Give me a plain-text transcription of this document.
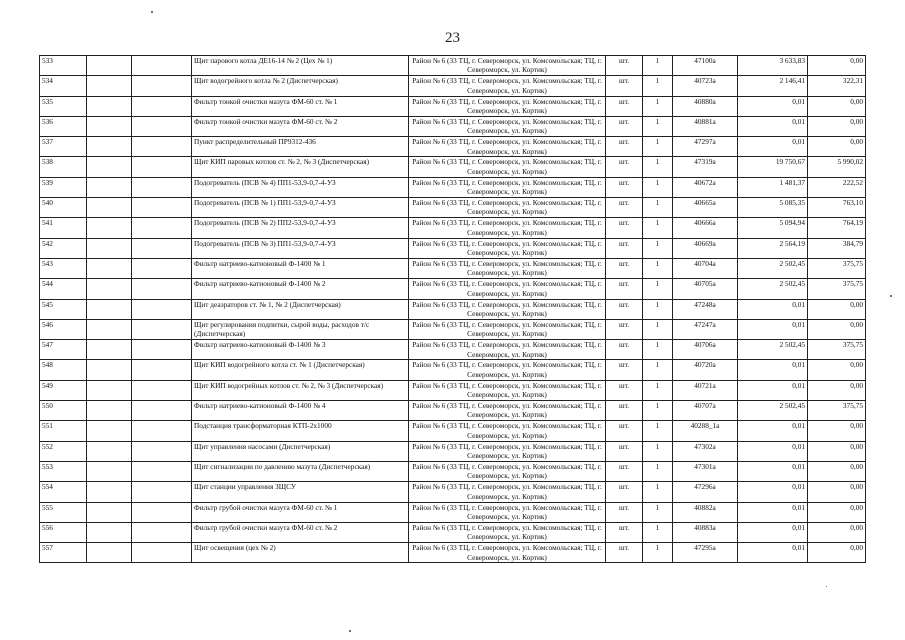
23
533			Щит парового котла ДЕ16-14 № 2 (Цех № 1)	Район № 6 (33 ТЦ, г. Североморск, ул. Комсомольская; ТЦ, г. Североморск, ул. Кортик)	шт.	1	47100а	3 633,83	0,00
534			Щит водогрейного котла № 2 (Диспетчерская)	Район № 6 (33 ТЦ, г. Североморск, ул. Комсомольская; ТЦ, г. Североморск, ул. Кортик)	шт.	1	40723а	2 146,41	322,31
535			Фильтр тонкой очистки мазута ФМ-60 ст. № 1	Район № 6 (33 ТЦ, г. Североморск, ул. Комсомольская; ТЦ, г. Североморск, ул. Кортик)	шт.	1	40880а	0,01	0,00
536			Фильтр тонкой очистки мазута ФМ-60 ст. № 2	Район № 6 (33 ТЦ, г. Североморск, ул. Комсомольская; ТЦ, г. Североморск, ул. Кортик)	шт.	1	40881а	0,01	0,00
537			Пункт распределительный ПР9312-436	Район № 6 (33 ТЦ, г. Североморск, ул. Комсомольская; ТЦ, г. Североморск, ул. Кортик)	шт.	1	47297а	0,01	0,00
538			Щит КИП паровых котлов ст. № 2, № 3 (Диспетчерская)	Район № 6 (33 ТЦ, г. Североморск, ул. Комсомольская; ТЦ, г. Североморск, ул. Кортик)	шт.	1	47319а	19 750,67	5 990,02
539			Подогреватель (ПСВ № 4) ПП1-53,9-0,7-4-УЗ	Район № 6 (33 ТЦ, г. Североморск, ул. Комсомольская; ТЦ, г. Североморск, ул. Кортик)	шт.	1	40672а	1 481,37	222,52
540			Подогреватель (ПСВ № 1) ПП1-53,9-0,7-4-УЗ	Район № 6 (33 ТЦ, г. Североморск, ул. Комсомольская; ТЦ, г. Североморск, ул. Кортик)	шт.	1	40665а	5 085,35	763,10
541			Подогреватель (ПСВ № 2) ПП2-53,9-0,7-4-УЗ	Район № 6 (33 ТЦ, г. Североморск, ул. Комсомольская; ТЦ, г. Североморск, ул. Кортик)	шт.	1	40666а	5 094,94	764,19
542			Подогреватель (ПСВ № 3) ПП1-53,9-0,7-4-УЗ	Район № 6 (33 ТЦ, г. Североморск, ул. Комсомольская; ТЦ, г. Североморск, ул. Кортик)	шт.	1	40669а	2 564,19	384,79
543			Фильтр натриево-катионовый Ф-1400 № 1	Район № 6 (33 ТЦ, г. Североморск, ул. Комсомольская; ТЦ, г. Североморск, ул. Кортик)	шт.	1	40704а	2 502,45	375,75
544			Фильтр натриево-катионовый Ф-1400 № 2	Район № 6 (33 ТЦ, г. Североморск, ул. Комсомольская; ТЦ, г. Североморск, ул. Кортик)	шт.	1	40705а	2 502,45	375,75
545			Щит деаэраторов ст. № 1, № 2 (Диспетчерская)	Район № 6 (33 ТЦ, г. Североморск, ул. Комсомольская; ТЦ, г. Североморск, ул. Кортик)	шт.	1	47248а	0,01	0,00
546			Щит регулирования подпитки, сырой воды, расходов т/с (Диспетчерская)	Район № 6 (33 ТЦ, г. Североморск, ул. Комсомольская; ТЦ, г. Североморск, ул. Кортик)	шт.	1	47247а	0,01	0,00
547			Фильтр натриево-катионовый Ф-1400 № 3	Район № 6 (33 ТЦ, г. Североморск, ул. Комсомольская; ТЦ, г. Североморск, ул. Кортик)	шт.	1	40706а	2 502,45	375,75
548			Щит КИП водогрейного котла ст. № 1 (Диспетчерская)	Район № 6 (33 ТЦ, г. Североморск, ул. Комсомольская; ТЦ, г. Североморск, ул. Кортик)	шт.	1	40720а	0,01	0,00
549			Щит КИП водогрейных котлов ст. № 2, № 3 (Диспетчерская)	Район № 6 (33 ТЦ, г. Североморск, ул. Комсомольская; ТЦ, г. Североморск, ул. Кортик)	шт.	1	40721а	0,01	0,00
550			Фильтр натриево-катионовый Ф-1400 № 4	Район № 6 (33 ТЦ, г. Североморск, ул. Комсомольская; ТЦ, г. Североморск, ул. Кортик)	шт.	1	40707а	2 502,45	375,75
551			Подстанция трансформаторная КТП-2х1000	Район № 6 (33 ТЦ, г. Североморск, ул. Комсомольская; ТЦ, г. Североморск, ул. Кортик)	шт.	1	40288_1а	0,01	0,00
552			Щит управления насосами (Диспетчерская)	Район № 6 (33 ТЦ, г. Североморск, ул. Комсомольская; ТЦ, г. Североморск, ул. Кортик)	шт.	1	47302а	0,01	0,00
553			Щит сигнализации по давлению мазута (Диспетчерская)	Район № 6 (33 ТЦ, г. Североморск, ул. Комсомольская; ТЦ, г. Североморск, ул. Кортик)	шт.	1	47301а	0,01	0,00
554			Щит станции управления ЗЩСУ	Район № 6 (33 ТЦ, г. Североморск, ул. Комсомольская; ТЦ, г. Североморск, ул. Кортик)	шт.	1	47296а	0,01	0,00
555			Фильтр грубой очистки мазута ФМ-60 ст. № 1	Район № 6 (33 ТЦ, г. Североморск, ул. Комсомольская; ТЦ, г. Североморск, ул. Кортик)	шт.	1	40882а	0,01	0,00
556			Фильтр грубой очистки мазута ФМ-60 ст. № 2	Район № 6 (33 ТЦ, г. Североморск, ул. Комсомольская; ТЦ, г. Североморск, ул. Кортик)	шт.	1	40883а	0,01	0,00
557			Щит освещения (цех № 2)	Район № 6 (33 ТЦ, г. Североморск, ул. Комсомольская; ТЦ, г. Североморск, ул. Кортик)	шт.	1	47295а	0,01	0,00
